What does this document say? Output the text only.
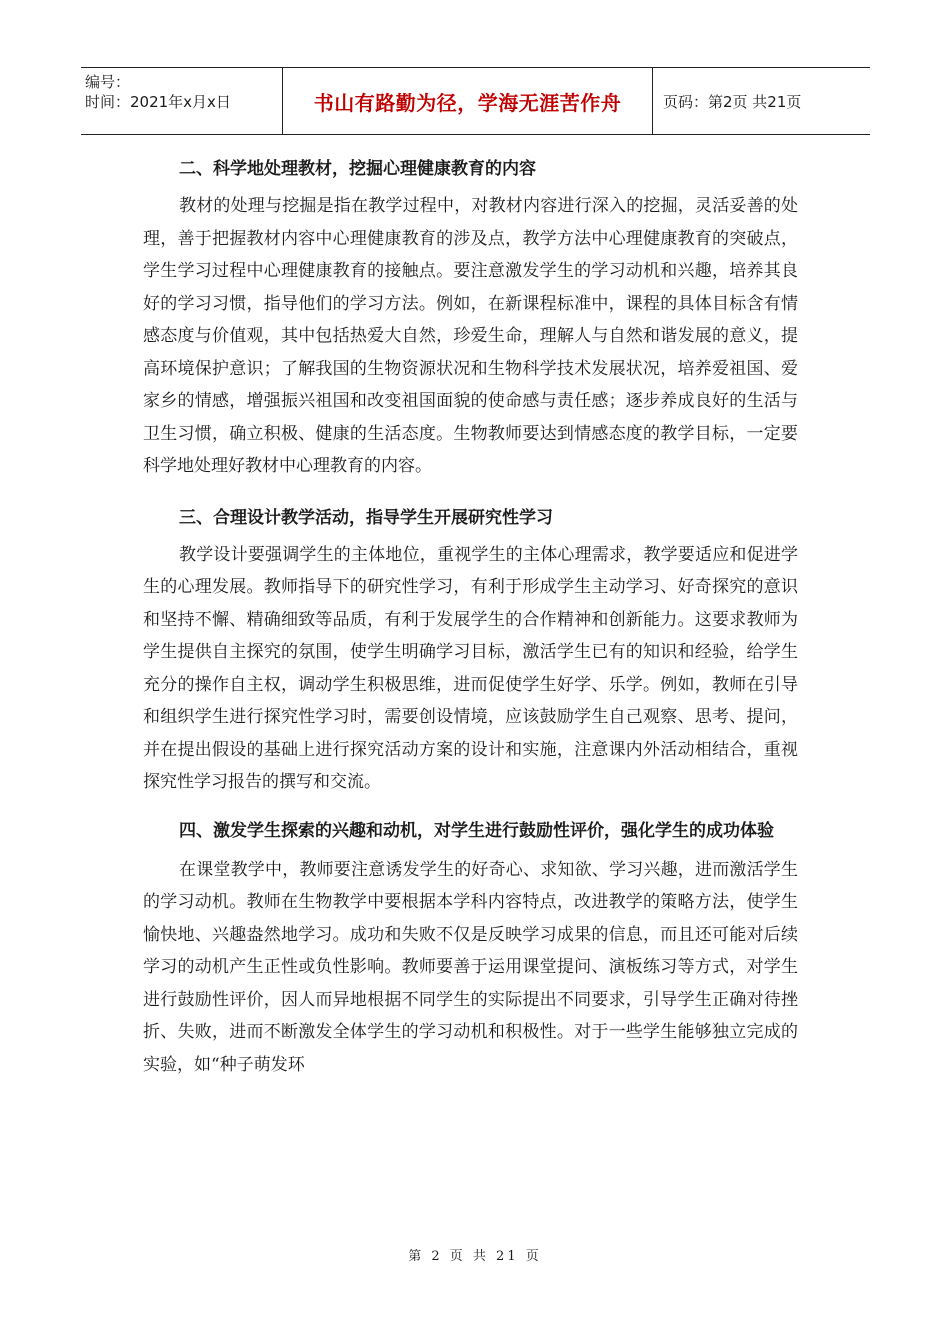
编号：
时间：2021年x月x日	书山有路勤为径，学海无涯苦作舟	页码：第2页 共21页
二、科学地处理教材，挖掘心理健康教育的内容

教材的处理与挖掘是指在教学过程中，对教材内容进行深入的挖掘，灵活妥善的处理，善于把握教材内容中心理健康教育的涉及点，教学方法中心理健康教育的突破点，学生学习过程中心理健康教育的接触点。要注意激发学生的学习动机和兴趣，培养其良好的学习习惯，指导他们的学习方法。例如，在新课程标准中，课程的具体目标含有情感态度与价值观，其中包括热爱大自然，珍爱生命，理解人与自然和谐发展的意义，提高环境保护意识；了解我国的生物资源状况和生物科学技术发展状况，培养爱祖国、爱家乡的情感，增强振兴祖国和改变祖国面貌的使命感与责任感；逐步养成良好的生活与卫生习惯，确立积极、健康的生活态度。生物教师要达到情感态度的教学目标，一定要科学地处理好教材中心理教育的内容。

三、合理设计教学活动，指导学生开展研究性学习

教学设计要强调学生的主体地位，重视学生的主体心理需求，教学要适应和促进学生的心理发展。教师指导下的研究性学习，有利于形成学生主动学习、好奇探究的意识和坚持不懈、精确细致等品质，有利于发展学生的合作精神和创新能力。这要求教师为学生提供自主探究的氛围，使学生明确学习目标，激活学生已有的知识和经验，给学生充分的操作自主权，调动学生积极思维，进而促使学生好学、乐学。例如，教师在引导和组织学生进行探究性学习时，需要创设情境，应该鼓励学生自己观察、思考、提问，并在提出假设的基础上进行探究活动方案的设计和实施，注意课内外活动相结合，重视探究性学习报告的撰写和交流。

四、激发学生探索的兴趣和动机，对学生进行鼓励性评价，强化学生的成功体验

在课堂教学中，教师要注意诱发学生的好奇心、求知欲、学习兴趣，进而激活学生的学习动机。教师在生物教学中要根据本学科内容特点，改进教学的策略方法，使学生愉快地、兴趣盎然地学习。成功和失败不仅是反映学习成果的信息，而且还可能对后续学习的动机产生正性或负性影响。教师要善于运用课堂提问、演板练习等方式，对学生进行鼓励性评价，因人而异地根据不同学生的实际提出不同要求，引导学生正确对待挫折、失败，进而不断激发全体学生的学习动机和积极性。对于一些学生能够独立完成的实验，如“种子萌发环

第 2 页 共 21 页
